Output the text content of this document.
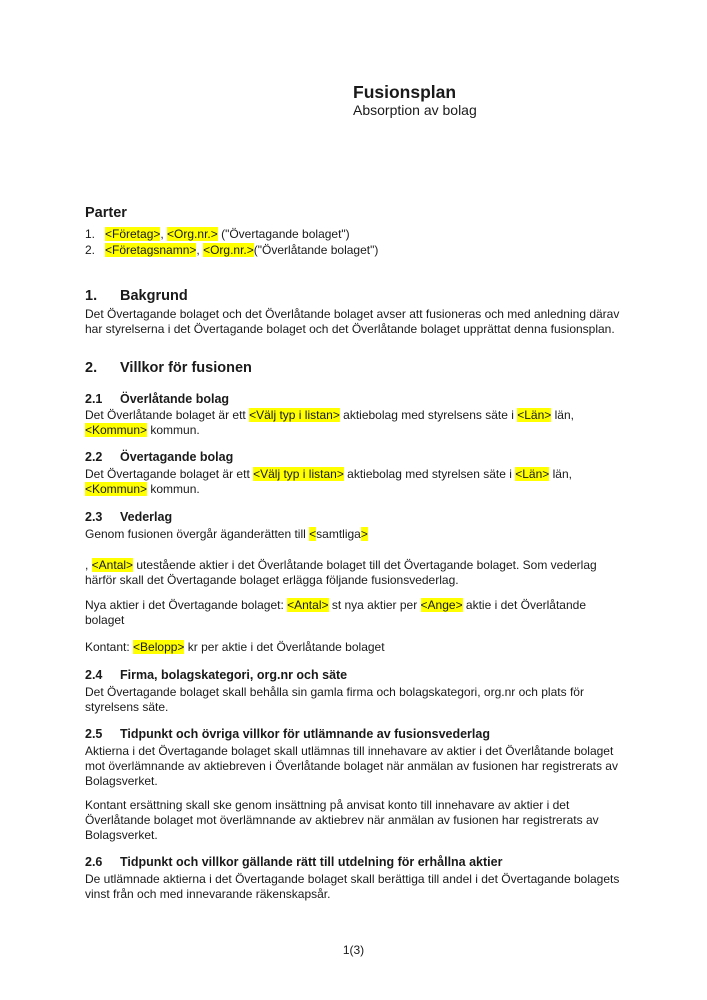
Fusionsplan
Absorption av bolag
Parter
1. <Företag>, <Org.nr.> ("Övertagande bolaget")
2. <Företagsnamn>, <Org.nr.>("Överlåtande bolaget")
1.	Bakgrund

Det Övertagande bolaget och det Överlåtande bolaget avser att fusioneras och med anledning därav har styrelserna i det Övertagande bolaget och det Överlåtande bolaget upprättat denna fusionsplan.

2.	Villkor för fusionen
2.1	Överlåtande bolag

Det Överlåtande bolaget är ett <Välj typ i listan> aktiebolag med styrelsens säte i <Län> län, <Kommun> kommun.

2.2	Övertagande bolag

Det Övertagande bolaget är ett <Välj typ i listan> aktiebolag med styrelsen säte i <Län> län, <Kommun> kommun.

2.3	Vederlag

Genom fusionen övergår äganderätten till <samtliga>

, <Antal> utestående aktier i det Överlåtande bolaget till det Övertagande bolaget. Som vederlag härför skall det Övertagande bolaget erlägga följande fusionsvederlag.

Nya aktier i det Övertagande bolaget: <Antal> st nya aktier per <Ange> aktie i det Överlåtande bolaget

Kontant: <Belopp> kr per aktie i det Överlåtande bolaget

2.4	Firma, bolagskategori, org.nr och säte

Det Övertagande bolaget skall behålla sin gamla firma och bolagskategori, org.nr och plats för styrelsens säte.

2.5	Tidpunkt och övriga villkor för utlämnande av fusionsvederlag

Aktierna i det Övertagande bolaget skall utlämnas till innehavare av aktier i det Överlåtande bolaget mot överlämnande av aktiebreven i Överlåtande bolaget när anmälan av fusionen har registrerats av Bolagsverket.

Kontant ersättning skall ske genom insättning på anvisat konto till innehavare av aktier i det Överlåtande bolaget mot överlämnande av aktiebrev när anmälan av fusionen har registrerats av Bolagsverket.

2.6	Tidpunkt och villkor gällande rätt till utdelning för erhållna aktier

De utlämnade aktierna i det Övertagande bolaget skall berättiga till andel i det Övertagande bolagets vinst från och med innevarande räkenskapsår.

1(3)
